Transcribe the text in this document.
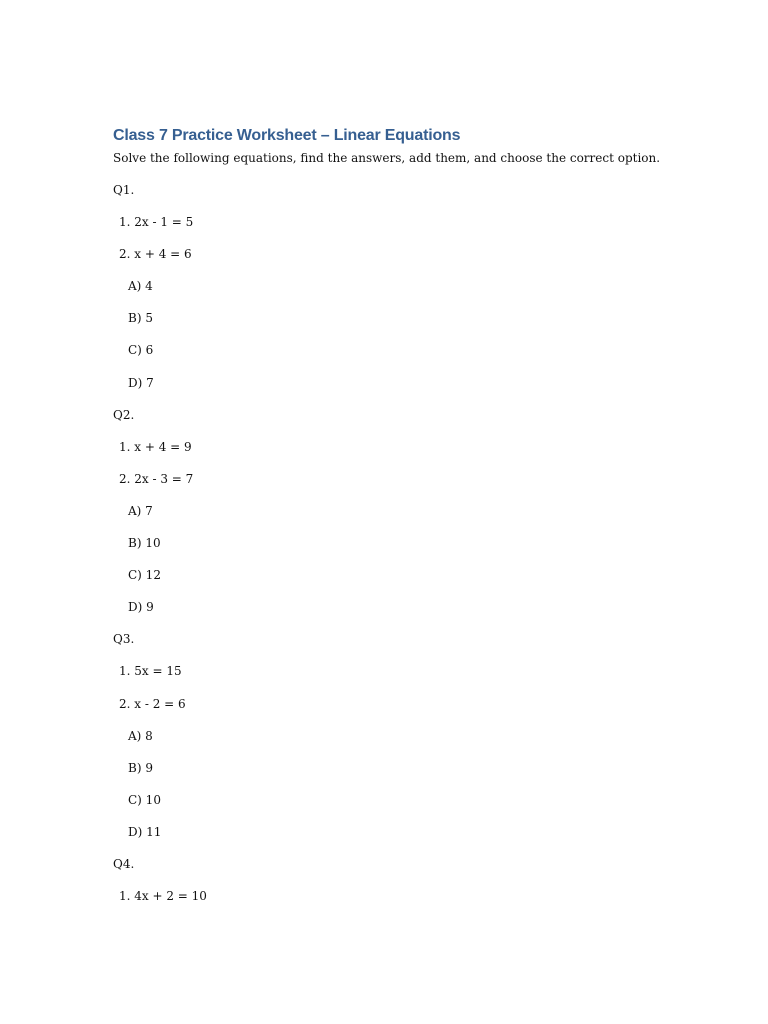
Class 7 Practice Worksheet – Linear Equations
Solve the following equations, find the answers, add them, and choose the correct option.
Q1.
1. 2x - 1 = 5
2. x + 4 = 6
A) 4
B) 5
C) 6
D) 7
Q2.
1. x + 4 = 9
2. 2x - 3 = 7
A) 7
B) 10
C) 12
D) 9
Q3.
1. 5x = 15
2. x - 2 = 6
A) 8
B) 9
C) 10
D) 11
Q4.
1. 4x + 2 = 10
